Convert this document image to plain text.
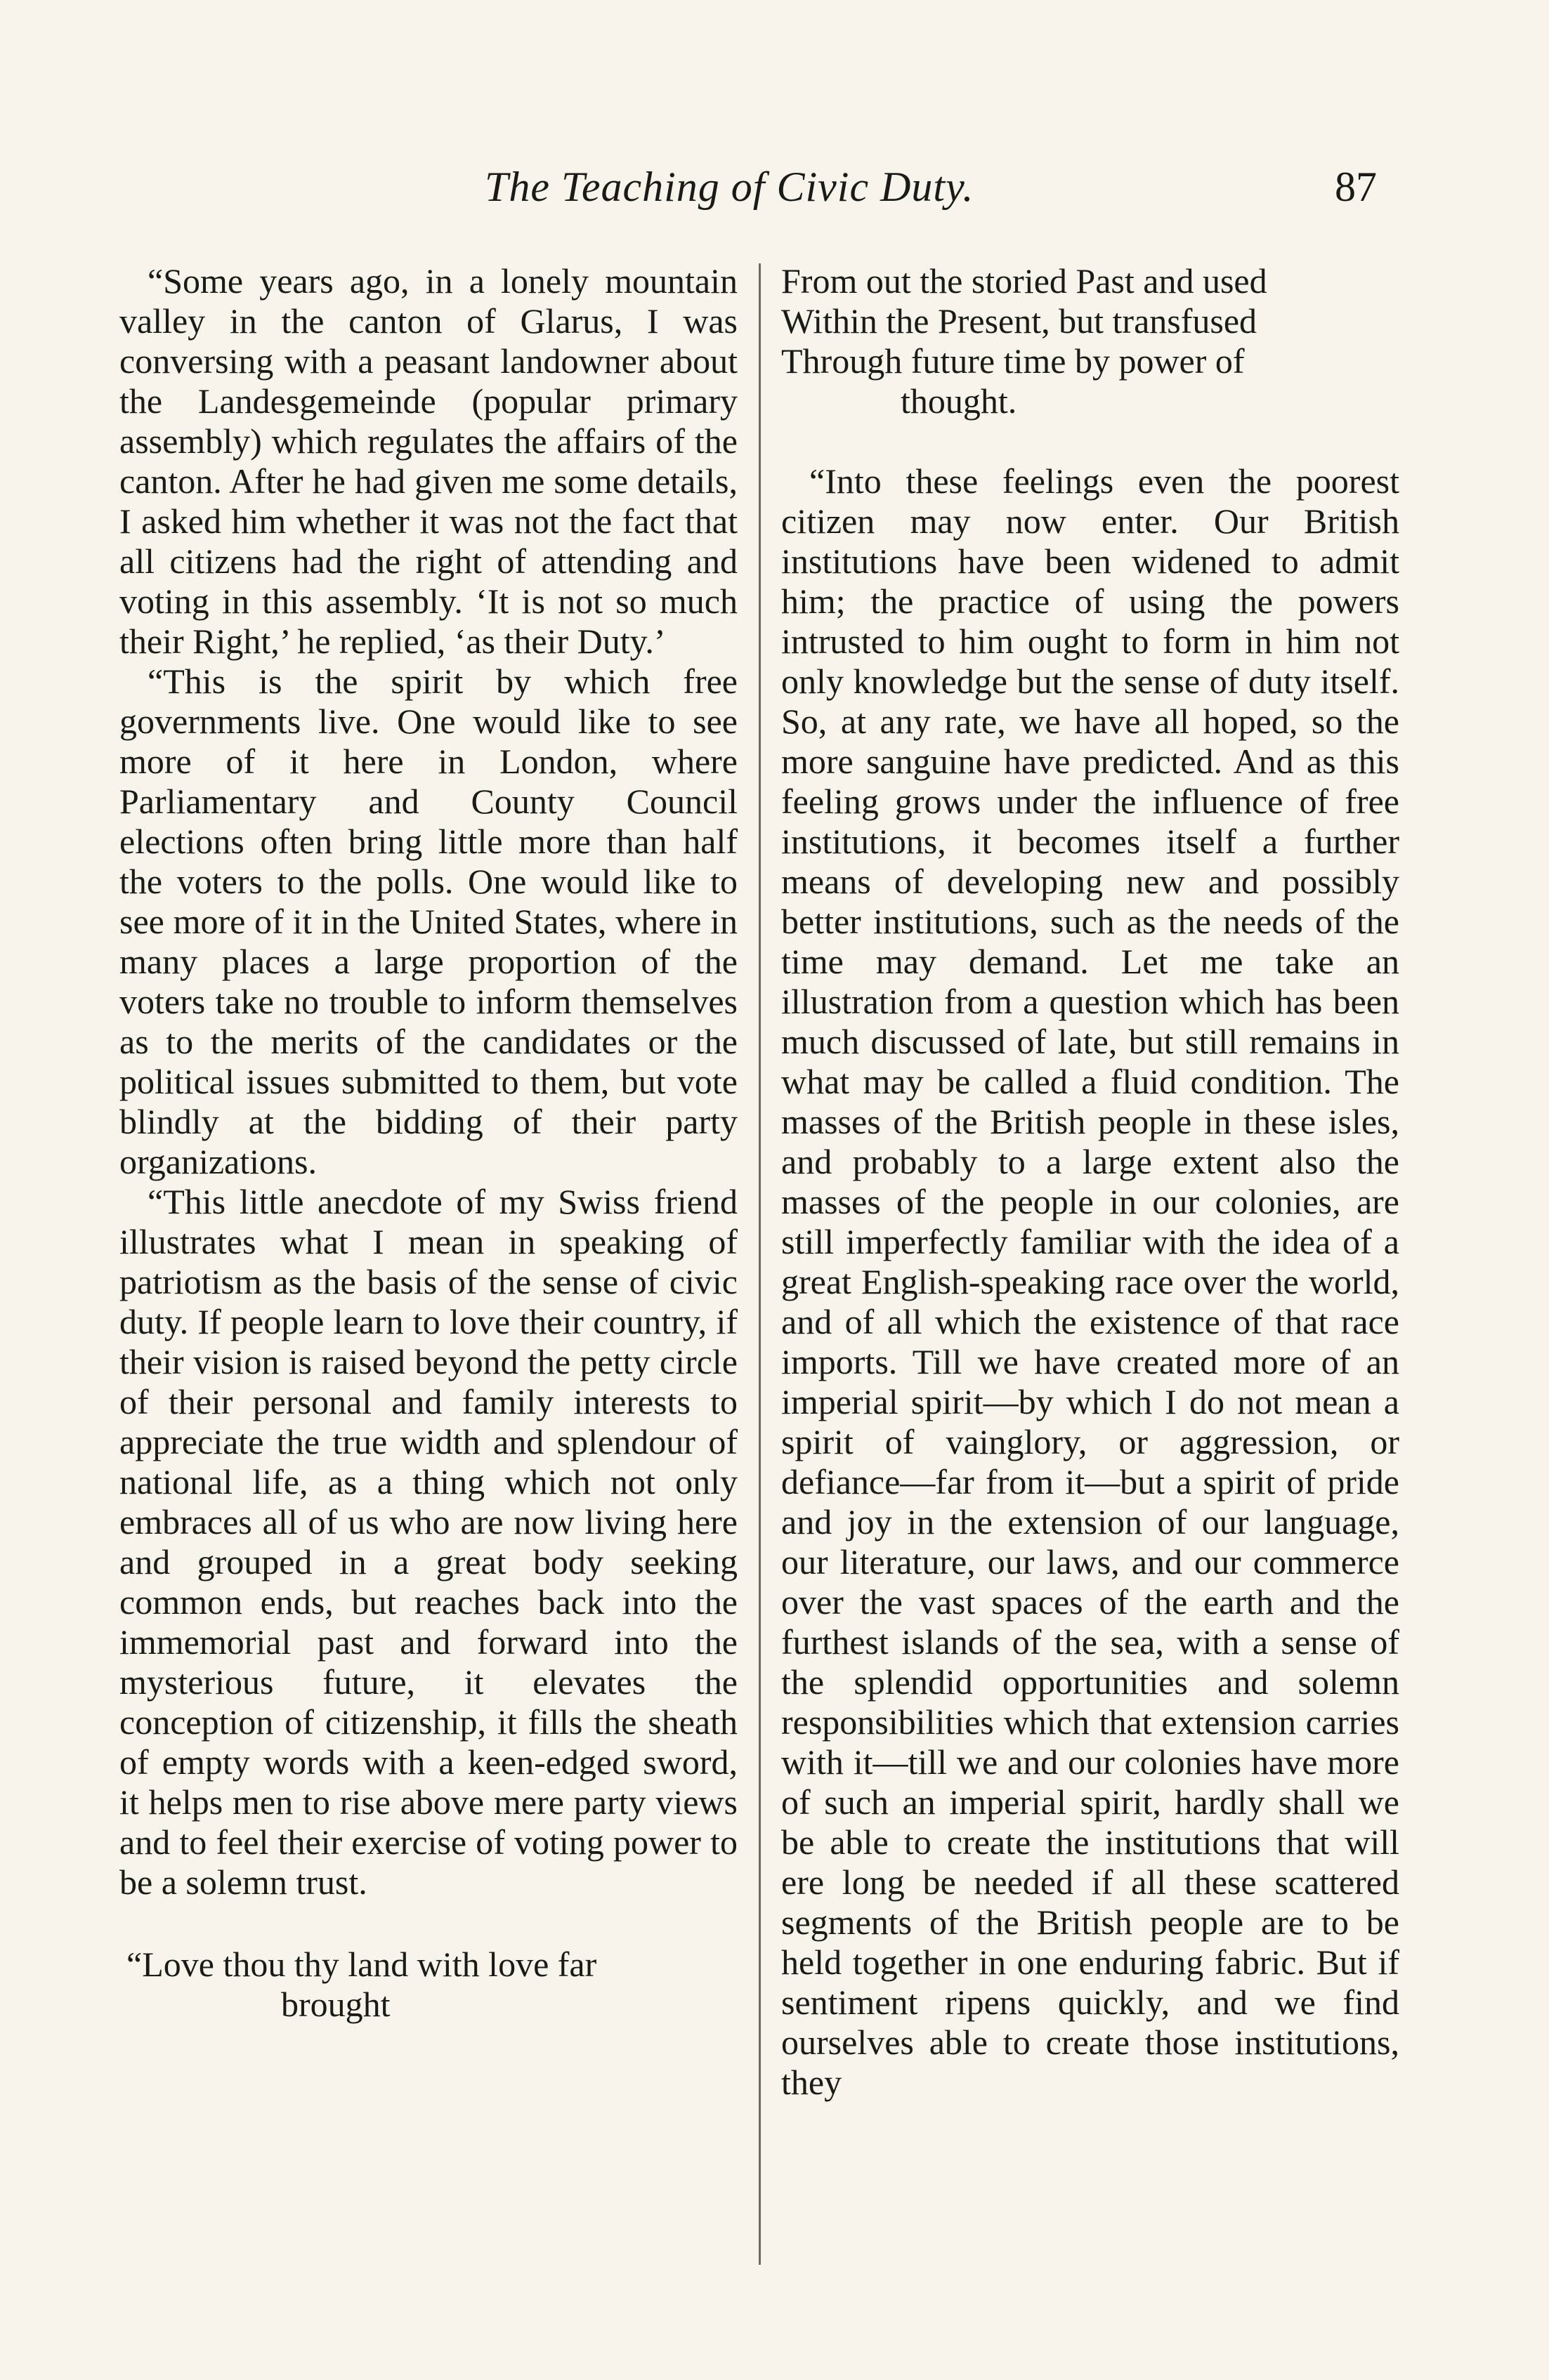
The Teaching of Civic Duty.	87

“Some years ago, in a lonely mountain valley in the canton of Glarus, I was conversing with a peasant landowner about the Landesgemeinde (popular primary assembly) which regulates the affairs of the canton. After he had given me some details, I asked him whether it was not the fact that all citizens had the right of attending and voting in this assembly. ‘It is not so much their Right,’ he replied, ‘as their Duty.’

“This is the spirit by which free governments live. One would like to see more of it here in London, where Parliamentary and County Council elections often bring little more than half the voters to the polls. One would like to see more of it in the United States, where in many places a large proportion of the voters take no trouble to inform themselves as to the merits of the candidates or the political issues submitted to them, but vote blindly at the bidding of their party organizations.

“This little anecdote of my Swiss friend illustrates what I mean in speaking of patriotism as the basis of the sense of civic duty. If people learn to love their country, if their vision is raised beyond the petty circle of their personal and family interests to appreciate the true width and splendour of national life, as a thing which not only embraces all of us who are now living here and grouped in a great body seeking common ends, but reaches back into the immemorial past and forward into the mysterious future, it elevates the conception of citizenship, it fills the sheath of empty words with a keen-edged sword, it helps men to rise above mere party views and to feel their exercise of voting power to be a solemn trust.

“Love thou thy land with love far
brought
From out the storied Past and used
Within the Present, but transfused
Through future time by power of
thought.

“Into these feelings even the poorest citizen may now enter. Our British institutions have been widened to admit him; the practice of using the powers intrusted to him ought to form in him not only knowledge but the sense of duty itself. So, at any rate, we have all hoped, so the more sanguine have predicted. And as this feeling grows under the influence of free institutions, it becomes itself a further means of developing new and possibly better institutions, such as the needs of the time may demand. Let me take an illustration from a question which has been much discussed of late, but still remains in what may be called a fluid condition. The masses of the British people in these isles, and probably to a large extent also the masses of the people in our colonies, are still imperfectly familiar with the idea of a great English-speaking race over the world, and of all which the existence of that race imports. Till we have created more of an imperial spirit—by which I do not mean a spirit of vainglory, or aggression, or defiance—far from it—but a spirit of pride and joy in the extension of our language, our literature, our laws, and our commerce over the vast spaces of the earth and the furthest islands of the sea, with a sense of the splendid opportunities and solemn responsibilities which that extension carries with it—till we and our colonies have more of such an imperial spirit, hardly shall we be able to create the institutions that will ere long be needed if all these scattered segments of the British people are to be held together in one enduring fabric. But if sentiment ripens quickly, and we find ourselves able to create those institutions, they
